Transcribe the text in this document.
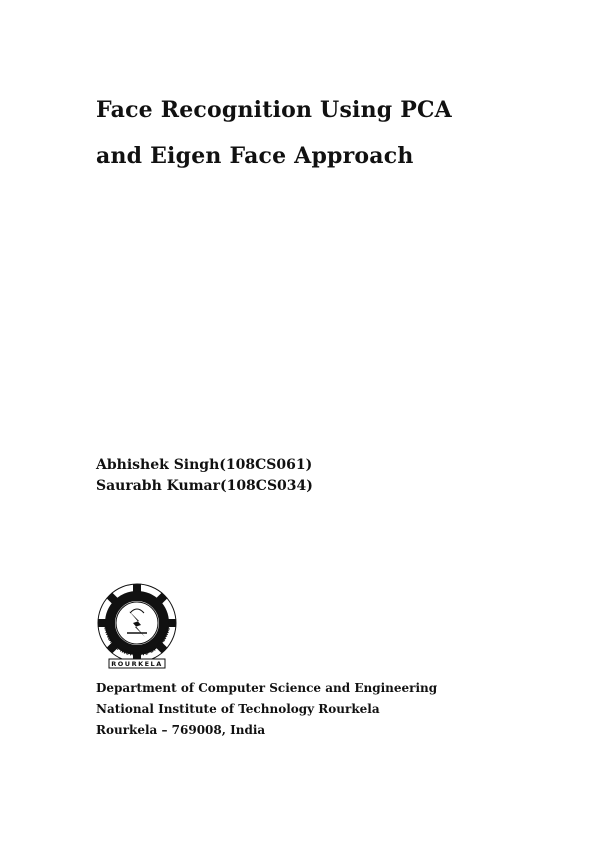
Face Recognition Using PCA
and Eigen Face Approach
Abhishek Singh(108CS061)
Saurabh Kumar(108CS034)
NATIONAL INSTITUTE OF TECHNOL
ROURKELA
Department of Computer Science and Engineering
National Institute of Technology Rourkela
Rourkela – 769008, India
